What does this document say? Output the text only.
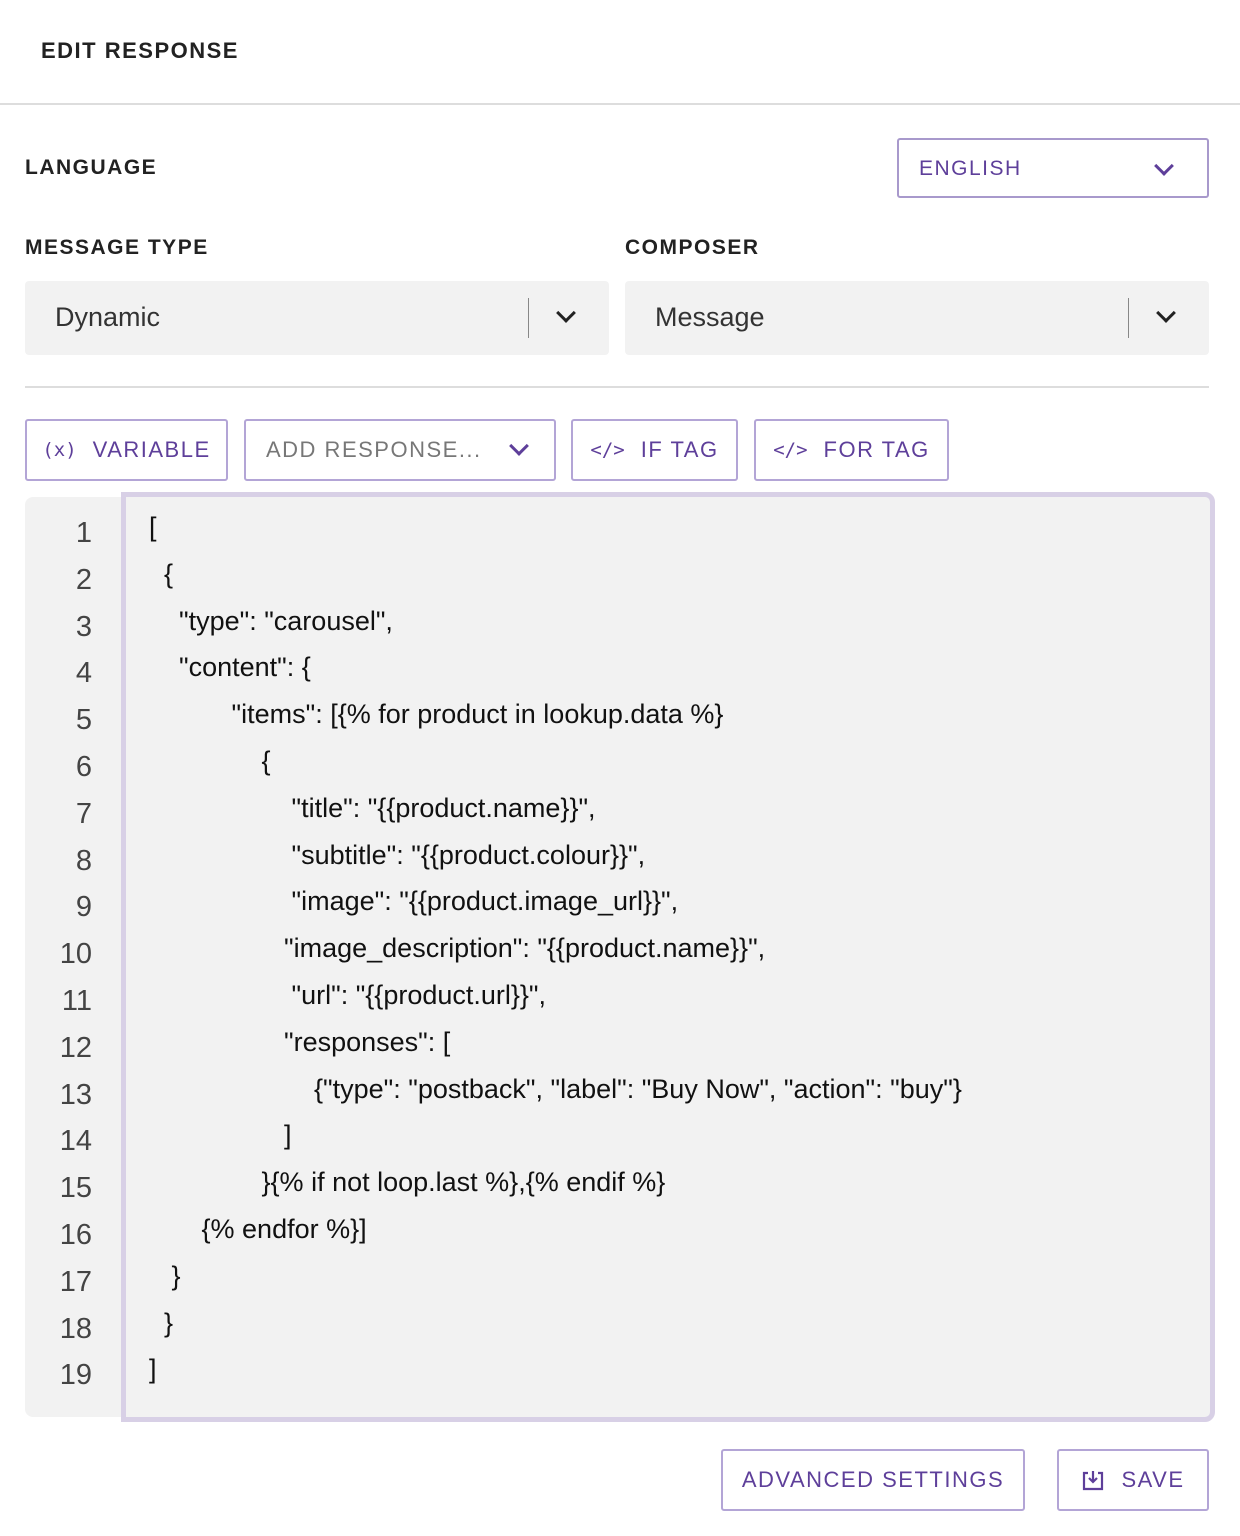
EDIT RESPONSE
LANGUAGE	ENGLISH
MESSAGE TYPE	COMPOSER
Dynamic	Message
(x) VARIABLE	ADD RESPONSE...	</> IF TAG	</> FOR TAG
1
2
3
4
5
6
7
8
9
10
11
12
13
14
15
16
17
18
19
[
{
"type": "carousel",
"content": {
"items": [{% for product in lookup.data %}
{
"title": "{{product.name}}",
"subtitle": "{{product.colour}}",
"image": "{{product.image_url}}",
"image_description": "{{product.name}}",
"url": "{{product.url}}",
"responses": [
{"type": "postback", "label": "Buy Now", "action": "buy"}
]
}{% if not loop.last %},{% endif %}
{% endfor %}]
}
}
]
ADVANCED SETTINGS	SAVE
